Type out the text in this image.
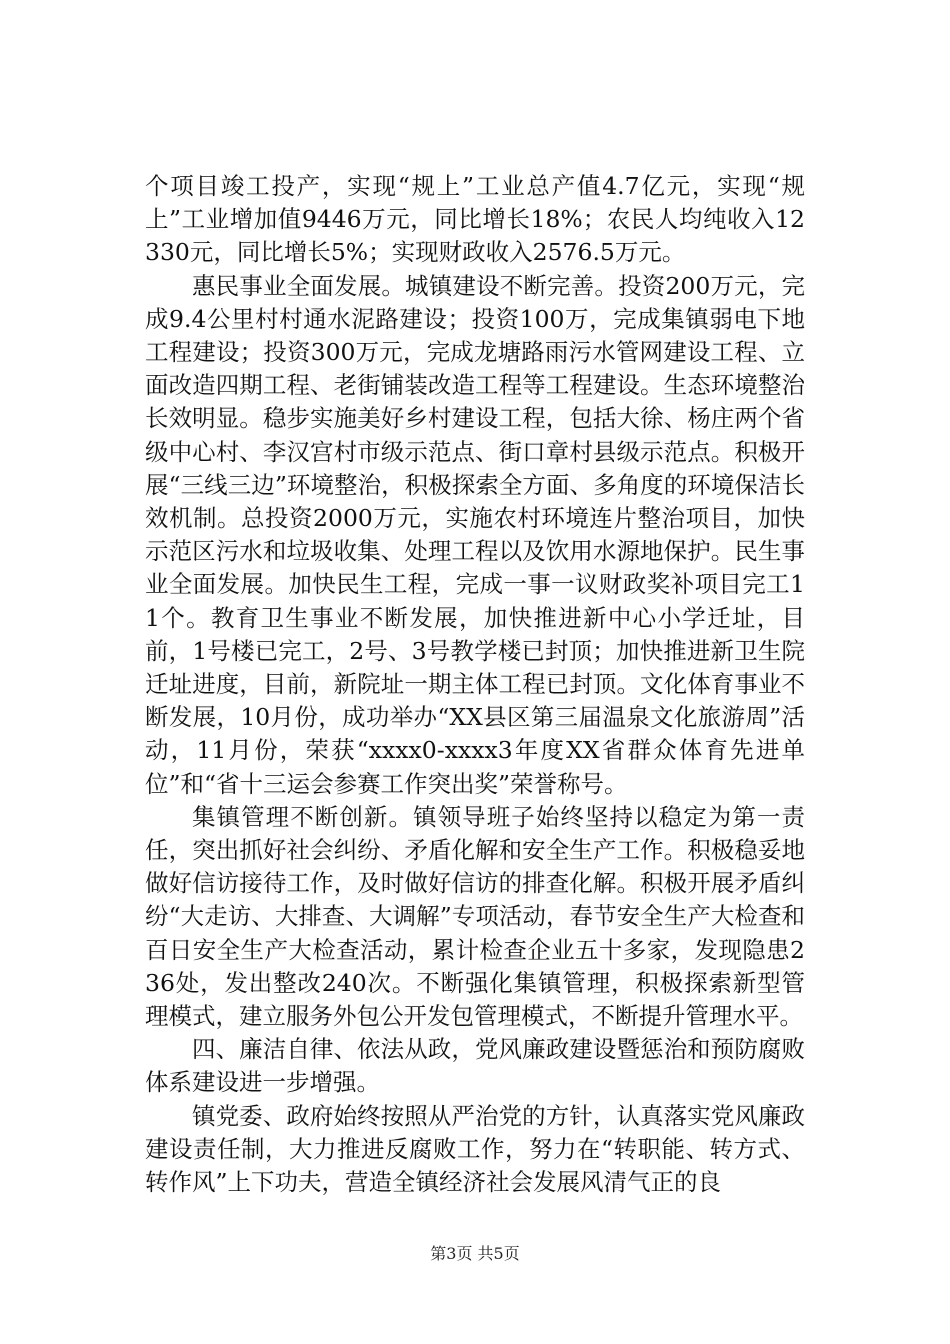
个项目竣工投产，实现“规上”工业总产值4.7亿元，实现“规上”工业增加值9446万元，同比增长18%；农民人均纯收入12330元，同比增长5%；实现财政收入2576.5万元。

惠民事业全面发展。城镇建设不断完善。投资200万元，完成9.4公里村村通水泥路建设；投资100万，完成集镇弱电下地工程建设；投资300万元，完成龙塘路雨污水管网建设工程、立面改造四期工程、老街铺装改造工程等工程建设。生态环境整治长效明显。稳步实施美好乡村建设工程，包括大徐、杨庄两个省级中心村、李汉宫村市级示范点、街口章村县级示范点。积极开展“三线三边”环境整治，积极探索全方面、多角度的环境保洁长效机制。总投资2000万元，实施农村环境连片整治项目，加快示范区污水和垃圾收集、处理工程以及饮用水源地保护。民生事业全面发展。加快民生工程，完成一事一议财政奖补项目完工11个。教育卫生事业不断发展，加快推进新中心小学迁址，目前，1号楼已完工，2号、3号教学楼已封顶；加快推进新卫生院迁址进度，目前，新院址一期主体工程已封顶。文化体育事业不断发展，10月份，成功举办“XX县区第三届温泉文化旅游周”活动，11月份，荣获“xxxx0-xxxx3年度XX省群众体育先进单位”和“省十三运会参赛工作突出奖”荣誉称号。

集镇管理不断创新。镇领导班子始终坚持以稳定为第一责任，突出抓好社会纠纷、矛盾化解和安全生产工作。积极稳妥地做好信访接待工作，及时做好信访的排查化解。积极开展矛盾纠纷“大走访、大排查、大调解”专项活动，春节安全生产大检查和百日安全生产大检查活动，累计检查企业五十多家，发现隐患236处，发出整改240次。不断强化集镇管理，积极探索新型管理模式，建立服务外包公开发包管理模式，不断提升管理水平。

四、廉洁自律、依法从政，党风廉政建设暨惩治和预防腐败体系建设进一步增强。

镇党委、政府始终按照从严治党的方针，认真落实党风廉政建设责任制，大力推进反腐败工作，努力在“转职能、转方式、转作风”上下功夫，营造全镇经济社会发展风清气正的良

第3页 共5页
